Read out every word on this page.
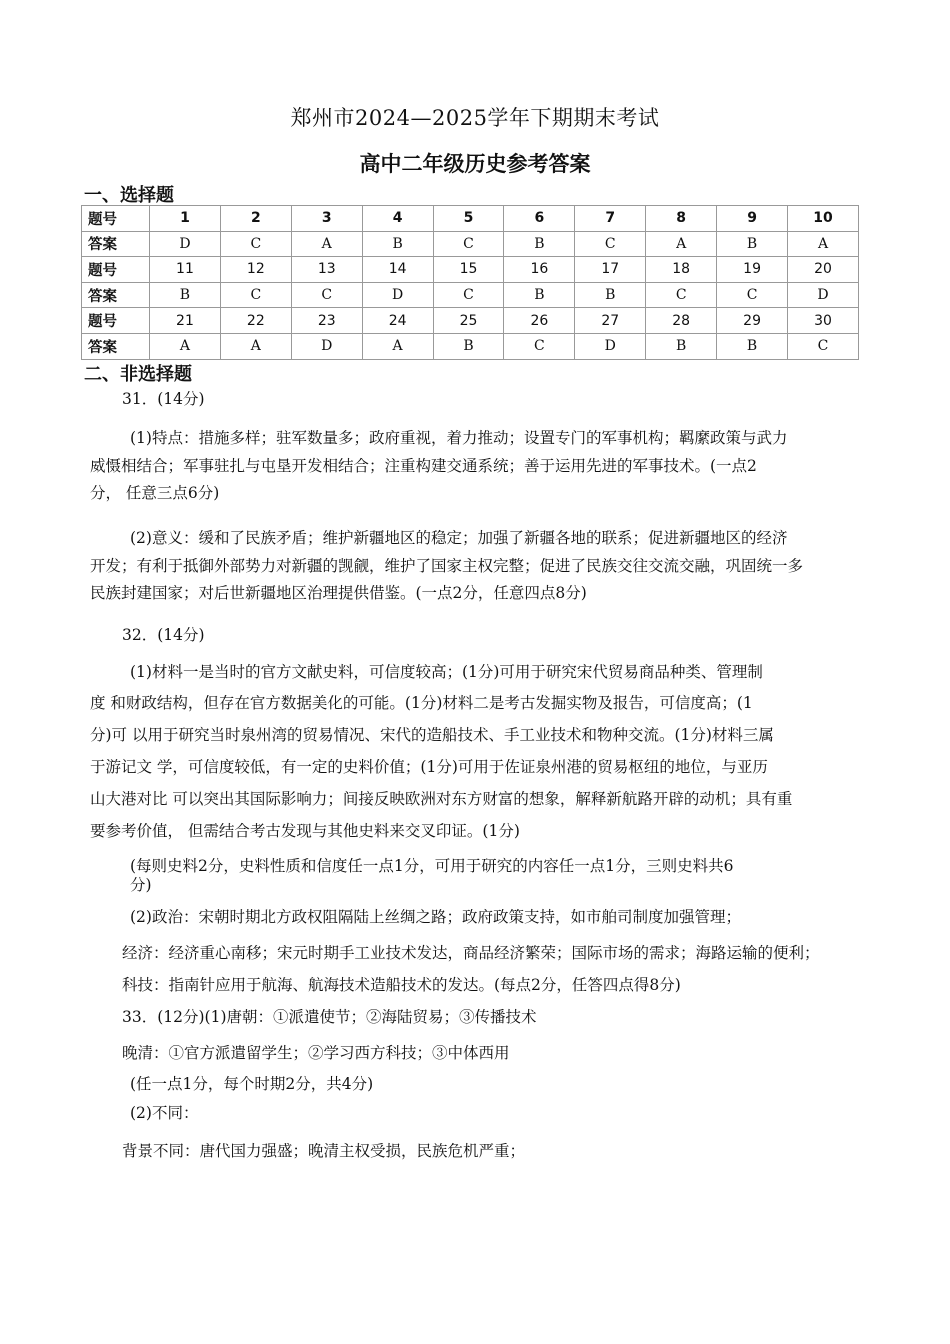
郑州市2024—2025学年下期期末考试
高中二年级历史参考答案
一、选择题
题号	1	2	3	4	5	6	7	8	9	10
答案	D	C	A	B	C	B	C	A	B	A
题号	11	12	13	14	15	16	17	18	19	20
答案	B	C	C	D	C	B	B	C	C	D
题号	21	22	23	24	25	26	27	28	29	30
答案	A	A	D	A	B	C	D	B	B	C
二、非选择题
31．(14分)
(1)特点：措施多样；驻军数量多；政府重视，着力推动；设置专门的军事机构；羁縻政策与武力
威慑相结合；军事驻扎与屯垦开发相结合；注重构建交通系统；善于运用先进的军事技术。(一点2
分， 任意三点6分)
(2)意义：缓和了民族矛盾；维护新疆地区的稳定；加强了新疆各地的联系；促进新疆地区的经济
开发；有利于抵御外部势力对新疆的觊觎，维护了国家主权完整；促进了民族交往交流交融，巩固统一多
民族封建国家；对后世新疆地区治理提供借鉴。(一点2分，任意四点8分)
32．(14分)
(1)材料一是当时的官方文献史料，可信度较高；(1分)可用于研究宋代贸易商品种类、管理制
度 和财政结构，但存在官方数据美化的可能。(1分)材料二是考古发掘实物及报告，可信度高；(1
分)可 以用于研究当时泉州湾的贸易情况、宋代的造船技术、手工业技术和物种交流。(1分)材料三属
于游记文 学，可信度较低，有一定的史料价值；(1分)可用于佐证泉州港的贸易枢纽的地位，与亚历
山大港对比 可以突出其国际影响力；间接反映欧洲对东方财富的想象，解释新航路开辟的动机；具有重
要参考价值， 但需结合考古发现与其他史料来交叉印证。(1分)
(每则史料2分，史料性质和信度任一点1分，可用于研究的内容任一点1分，三则史料共6
分)
(2)政治：宋朝时期北方政权阻隔陆上丝绸之路；政府政策支持，如市舶司制度加强管理；
经济：经济重心南移；宋元时期手工业技术发达，商品经济繁荣；国际市场的需求；海路运输的便利；
科技：指南针应用于航海、航海技术造船技术的发达。(每点2分，任答四点得8分)
33．(12分)(1)唐朝：①派遣使节；②海陆贸易；③传播技术
晚清：①官方派遣留学生；②学习西方科技；③中体西用
(任一点1分，每个时期2分，共4分)
(2)不同：
背景不同：唐代国力强盛；晚清主权受损，民族危机严重；
